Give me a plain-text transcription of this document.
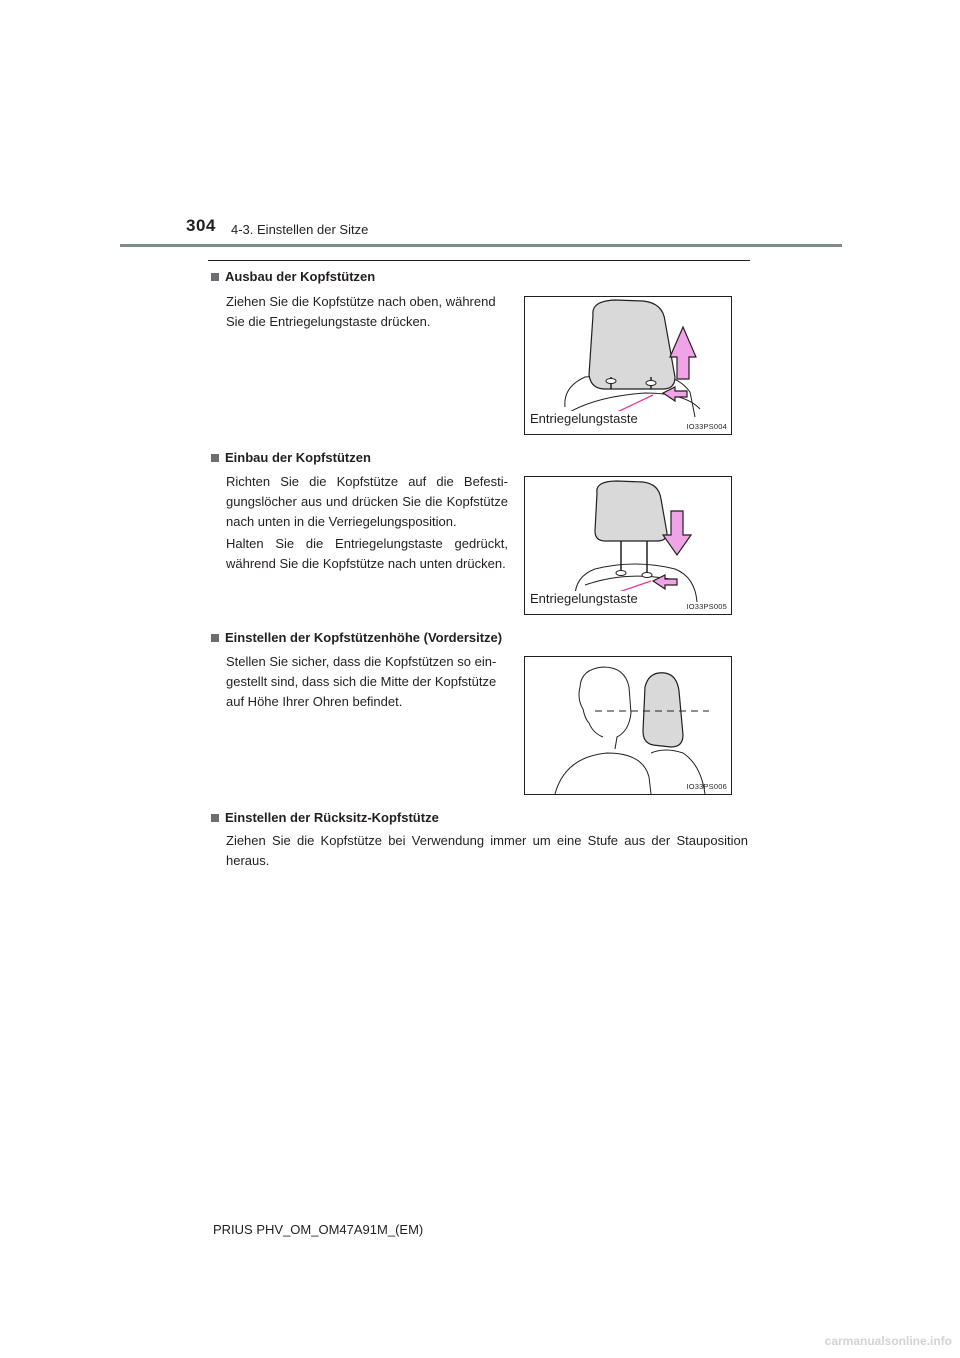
304 4-3. Einstellen der Sitze
Ausbau der Kopfstützen
Ziehen Sie die Kopfstütze nach oben, während Sie die Entriegelungstaste drücken.
Entriegelungstaste
IO33PS004
Einbau der Kopfstützen
Richten Sie die Kopfstütze auf die Befestigungslöcher aus und drücken Sie die Kopfstütze nach unten in die Verriegelungsposition.
Halten Sie die Entriegelungstaste gedrückt, während Sie die Kopfstütze nach unten drücken.
Entriegelungstaste
IO33PS005
Einstellen der Kopfstützenhöhe (Vordersitze)
Stellen Sie sicher, dass die Kopfstützen so eingestellt sind, dass sich die Mitte der Kopfstütze auf Höhe Ihrer Ohren befindet.
IO33PS006
Einstellen der Rücksitz-Kopfstütze
Ziehen Sie die Kopfstütze bei Verwendung immer um eine Stufe aus der Stauposition heraus.
PRIUS PHV_OM_OM47A91M_(EM)
carmanualsonline.info
